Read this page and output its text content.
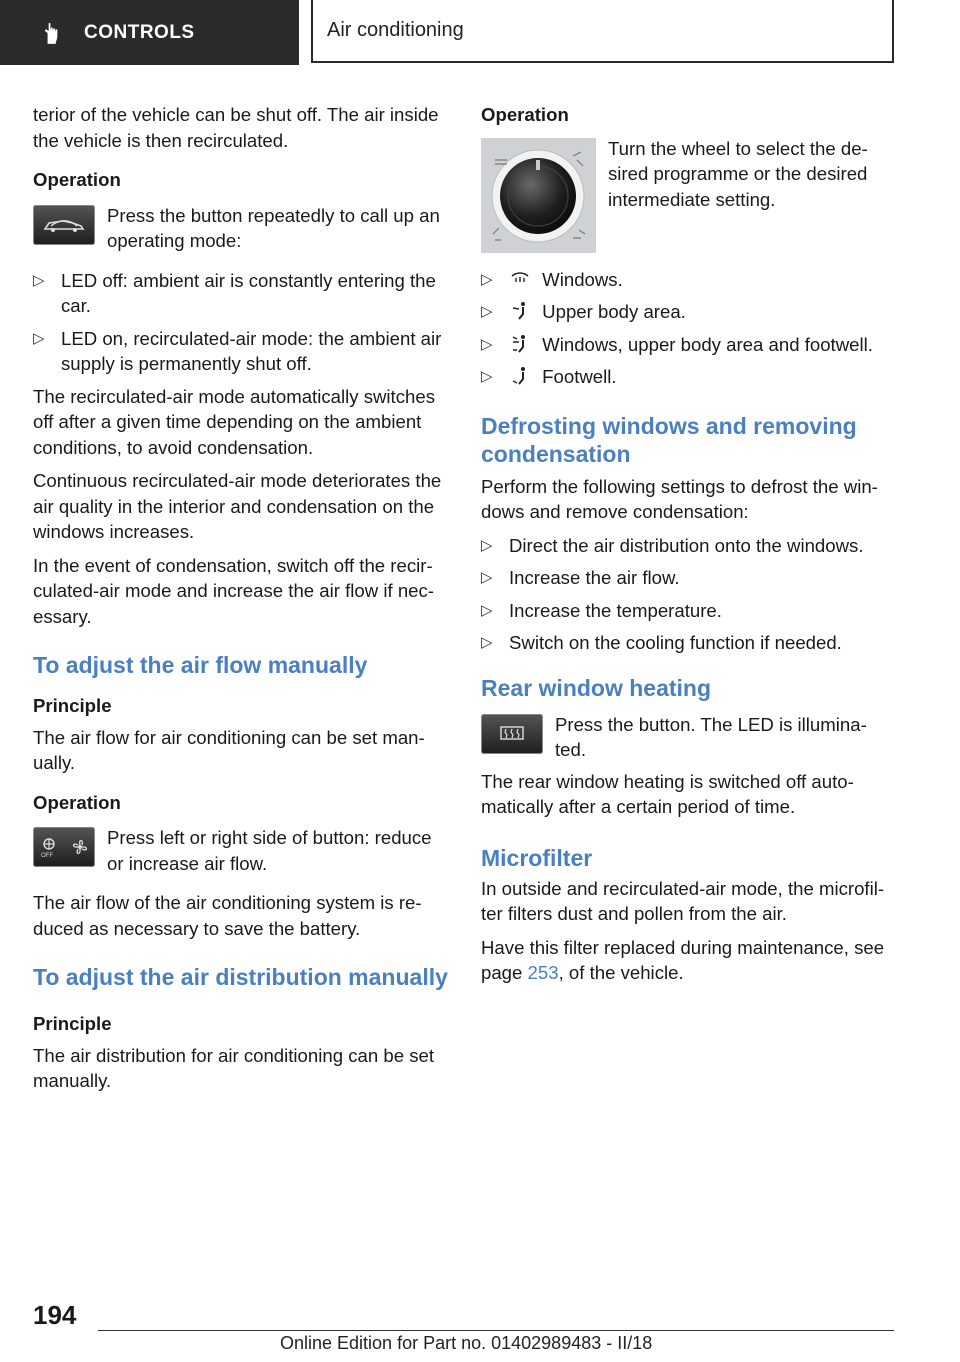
CONTROLS	Air conditioning

terior of the vehicle can be shut off. The air inside the vehicle is then recirculated.

Operation

Press the button repeatedly to call up an operating mode:

▷ LED off: ambient air is constantly entering the car.
▷ LED on, recirculated-air mode: the ambient air supply is permanently shut off.

The recirculated-air mode automatically switches off after a given time depending on the ambient conditions, to avoid condensation.

Continuous recirculated-air mode deteriorates the air quality in the interior and condensation on the windows increases.

In the event of condensation, switch off the recir‐culated-air mode and increase the air flow if nec‐essary.

To adjust the air flow manually
Principle

The air flow for air conditioning can be set man‐ually.

Operation
OFF

Press left or right side of button: reduce or increase air flow.

The air flow of the air conditioning system is re‐duced as necessary to save the battery.

To adjust the air distribution manually
Principle

The air distribution for air conditioning can be set manually.

Operation

Turn the wheel to select the de‐sired programme or the desired intermediate setting.

▷	Windows.
▷	Upper body area.
▷	Windows, upper body area and footwell.
▷	Footwell.
Defrosting windows and removing condensation

Perform the following settings to defrost the win‐dows and remove condensation:

▷ Direct the air distribution onto the windows.
▷ Increase the air flow.
▷ Increase the temperature.
▷ Switch on the cooling function if needed.
Rear window heating

Press the button. The LED is illumina‐ted.

The rear window heating is switched off auto‐matically after a certain period of time.

Microfilter

In outside and recirculated-air mode, the microfil‐ter filters dust and pollen from the air.

Have this filter replaced during maintenance, see page 253, of the vehicle.

194
Online Edition for Part no. 01402989483 - II/18
